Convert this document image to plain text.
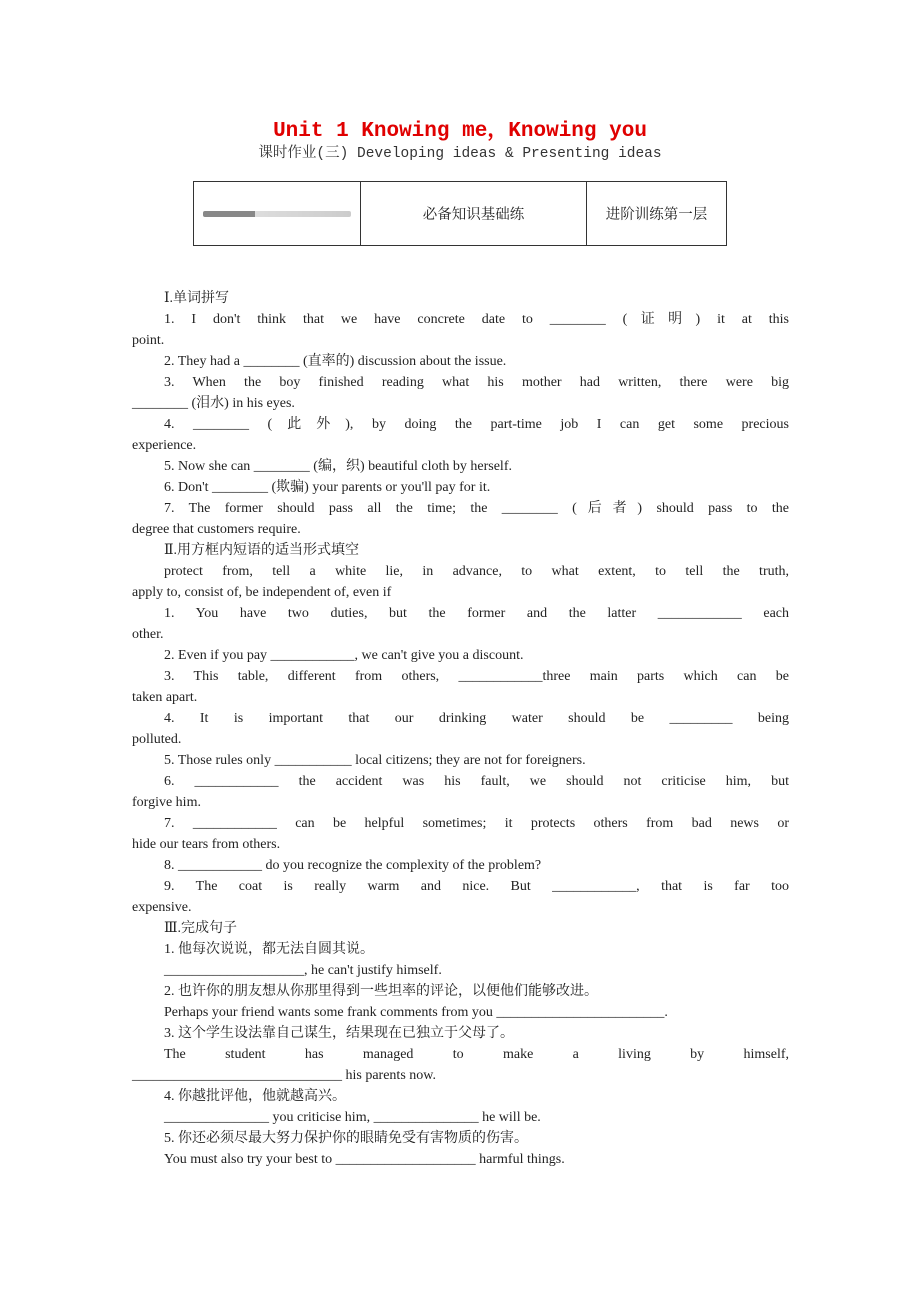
Unit 1 Knowing me，Knowing you
课时作业(三) Developing ideas & Presenting ideas
	必备知识基础练	进阶训练第一层
Ⅰ.单词拼写
1. I don't think that we have concrete date to ________ (证明) it at this
point.
2. They had a ________ (直率的) discussion about the issue.
3. When the boy finished reading what his mother had written, there were big
________ (泪水) in his eyes.
4. ________ (此外), by doing the part-time job I can get some precious
experience.
5. Now she can ________ (编，织) beautiful cloth by herself.
6. Don't ________ (欺骗) your parents or you'll pay for it.
7. The former should pass all the time; the ________ (后者) should pass to the
degree that customers require.
Ⅱ.用方框内短语的适当形式填空
protect from, tell a white lie, in advance, to what extent, to tell the truth,
apply to, consist of, be independent of, even if
1. You have two duties, but the former and the latter ____________ each
other.
2. Even if you pay ____________, we can't give you a discount.
3. This table, different from others, ____________three main parts which can be
taken apart.
4. It is important that our drinking water should be _________ being
polluted.
5. Those rules only ___________ local citizens; they are not for foreigners.
6. ____________ the accident was his fault, we should not criticise him, but
forgive him.
7. ____________ can be helpful sometimes; it protects others from bad news or
hide our tears from others.
8. ____________ do you recognize the complexity of the problem?
9. The coat is really warm and nice. But ____________, that is far too
expensive.
Ⅲ.完成句子
1. 他每次说说，都无法自圆其说。
____________________, he can't justify himself.
2. 也许你的朋友想从你那里得到一些坦率的评论，以便他们能够改进。
Perhaps your friend wants some frank comments from you ________________________.
3. 这个学生设法靠自己谋生，结果现在已独立于父母了。
The student has managed to make a living by himself,
______________________________ his parents now.
4. 你越批评他，他就越高兴。
_______________ you criticise him, _______________ he will be.
5. 你还必须尽最大努力保护你的眼睛免受有害物质的伤害。
You must also try your best to ____________________ harmful things.
